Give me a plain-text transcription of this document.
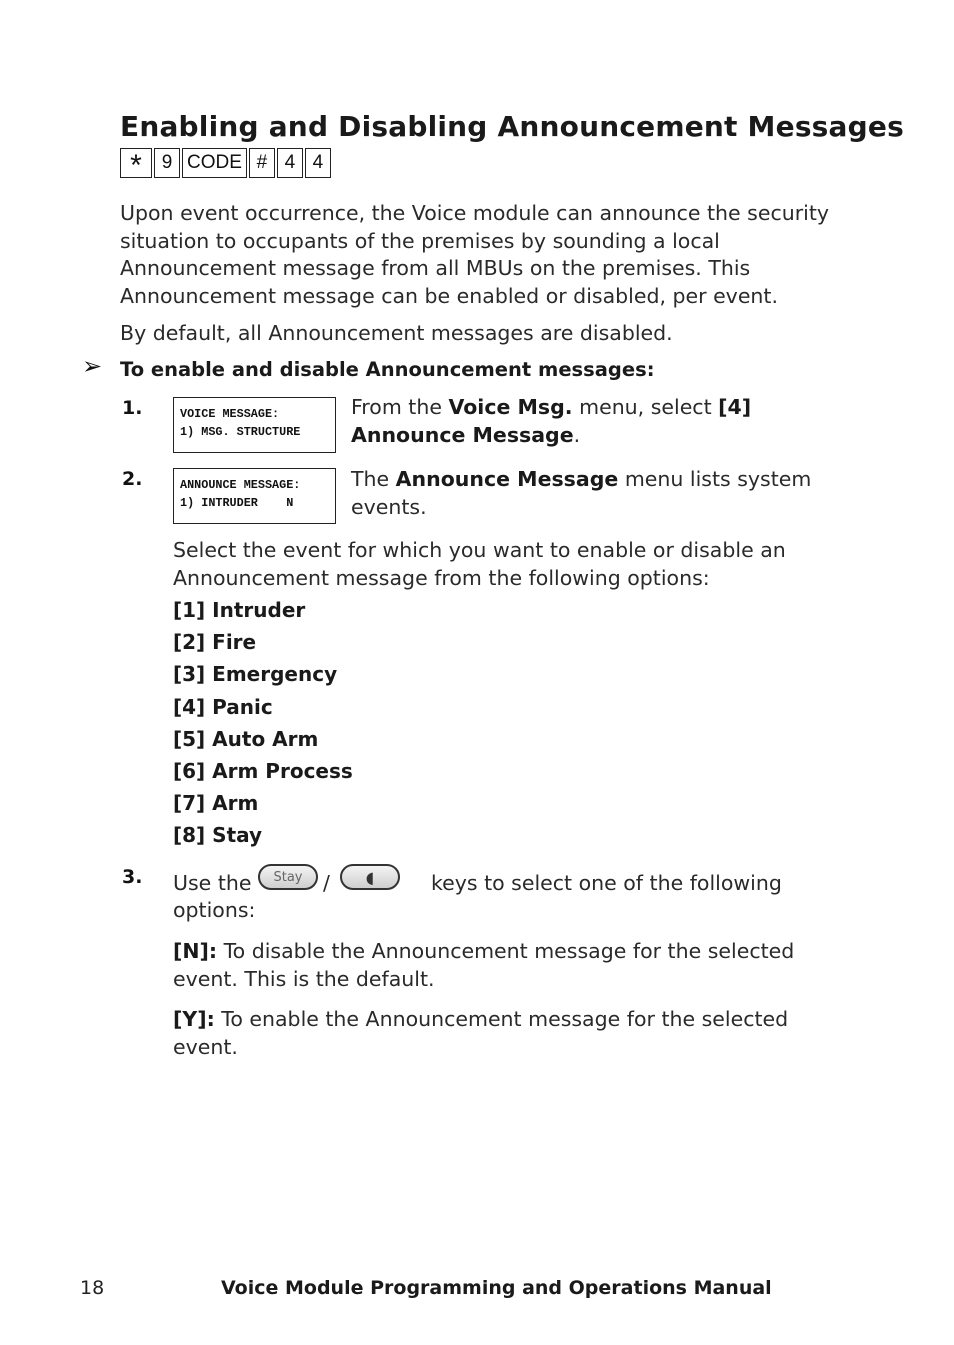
Enabling and Disabling Announcement Messages
*	9 CODE # 4 4

Upon event occurrence, the Voice module can announce the security situation to occupants of the premises by sounding a local Announcement message from all MBUs on the premises. This Announcement message can be enabled or disabled, per event.

By default, all Announcement messages are disabled.

➢ To enable and disable Announcement messages:
1.	VOICE MESSAGE:
1) MSG. STRUCTURE

From the Voice Msg. menu, select [4] Announce Message.

2.	ANNOUNCE MESSAGE:
1) INTRUDER    N

The Announce Message menu lists system events.

Select the event for which you want to enable or disable an Announcement message from the following options:

[1] Intruder
[2] Fire
[3] Emergency
[4] Panic
[5] Auto Arm
[6] Arm Process
[7] Arm
[8] Stay
3. Use the	Stay	/	◖	keys to select one of the following
options:

[N]: To disable the Announcement message for the selected event. This is the default.

[Y]: To enable the Announcement message for the selected event.

18	Voice Module Programming and Operations Manual
